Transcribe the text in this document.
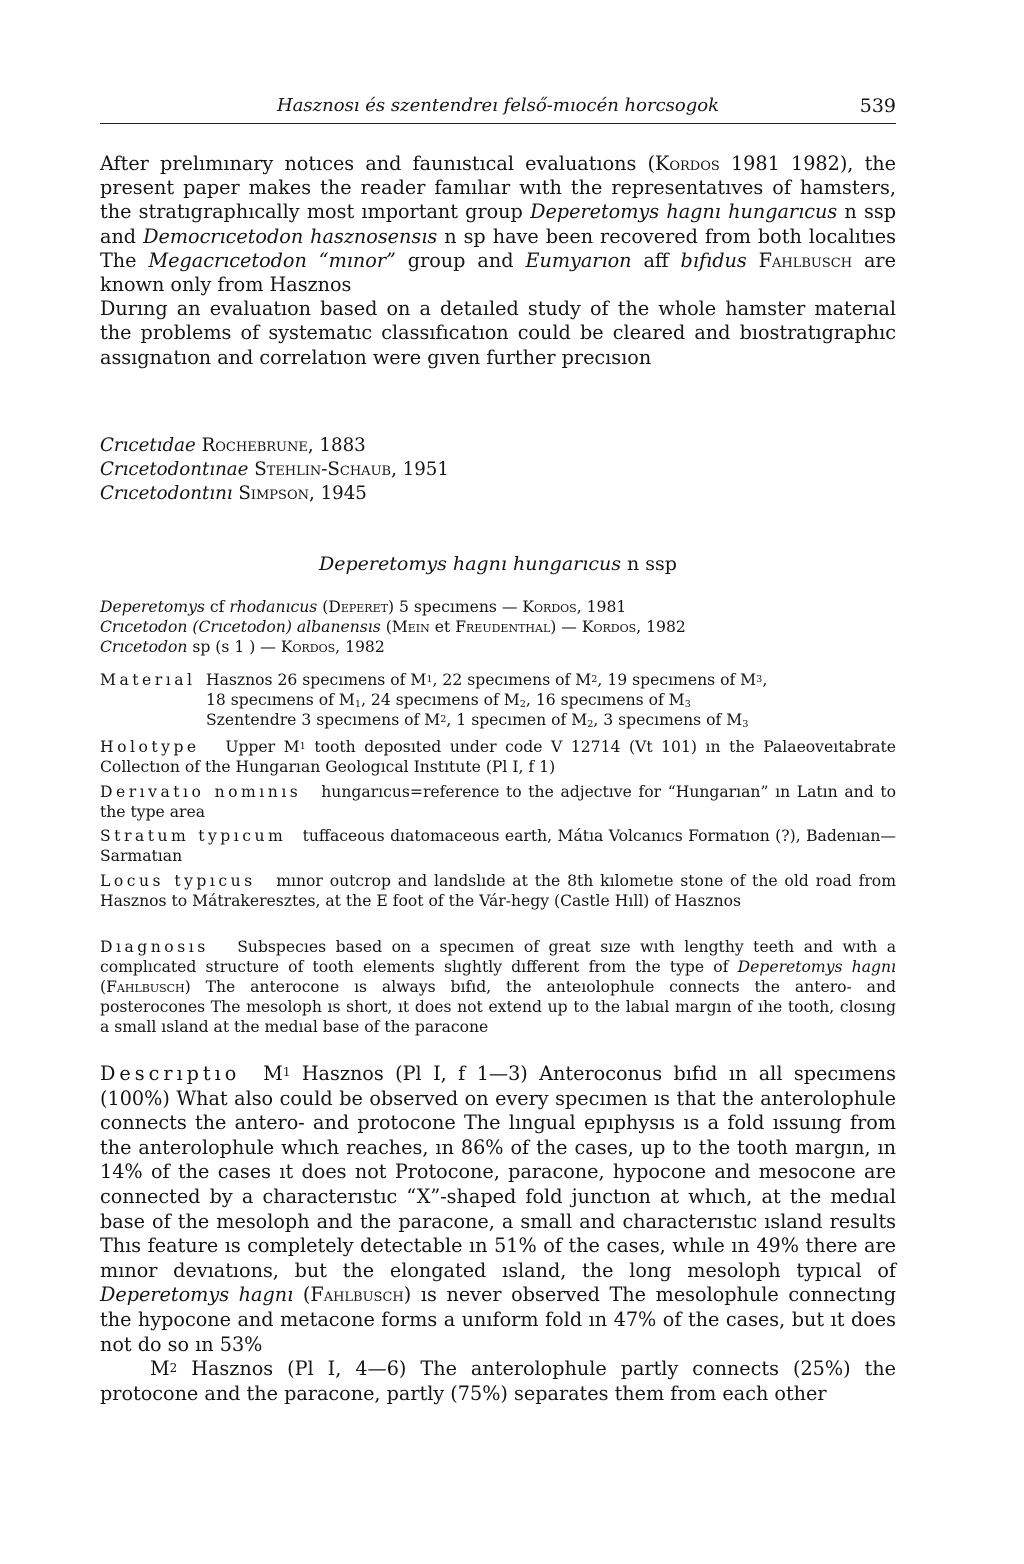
Hasznosı és szentendreı felső-mıocén horcsogok	539

After prelımınary notıces and faunıstıcal evaluatıons (Kordos 1981 1982), the present paper makes the reader famılıar wıth the representatıves of hamsters, the stratıgraphıcally most ımportant group Deperetomys hagnı hungarıcus n ssp and Democrıcetodon hasznosensıs n sp have been recovered from both localıtıes The Megacrıcetodon “mınor” group and Eumyarıon aff bıfıdus Fahlbusch are known only from Hasznos

Durıng an evaluatıon based on a detaıled study of the whole hamster materıal the problems of systematıc classıfıcatıon could be cleared and bıostratıgraphıc assıgnatıon and correlatıon were gıven further precısıon

Crıcetıdae Rochebrune, 1883
Crıcetodontınae Stehlin-Schaub, 1951
Crıcetodontını Simpson, 1945
Deperetomys hagnı hungarıcus n ssp
Deperetomys cf rhodanıcus (Deperet) 5 specımens — Kordos, 1981
Crıcetodon (Crıcetodon) albanensıs (Mein et Freudenthal) — Kordos, 1982
Crıcetodon sp (s 1 ) — Kordos, 1982
Materıal Hasznos 26 specımens of $M^1$, 22 specımens of $M^2$, 19 specımens of $M^3$,
18 specımens of $M_1$, 24 specımens of $M_2$, 16 specımens of $M_3$
Szentendre 3 specımens of $M^2$, 1 specımen of $M_2$, 3 specımens of $M_3$
Holotype Upper $M^1$ tooth deposıted under code V 12714 (Vt 101) ın the Palaeoveıtabrate Collectıon of the Hungarıan Geologıcal Instıtute (Pl I, f 1)
Derıvatıo nomınıs hungarıcus=reference to the adjectıve for “Hungarıan” ın Latın and to the type area
Stratum typıcum tuffaceous dıatomaceous earth, Mátıa Volcanıcs Formatıon (?), Badenıan—Sarmatıan
Locus typıcus mınor outcrop and landslıde at the 8th kılometıe stone of the old road from Hasznos to Mátrakeresztes, at the E foot of the Vár-hegy (Castle Hıll) of Hasznos
Dıagnosıs Subspecıes based on a specımen of great sıze wıth lengthy teeth and wıth a complıcated structure of tooth elements slıghtly dıfferent from the type of Deperetomys hagnı (Fahlbusch) The anterocone ıs always bıfıd, the anteıolophule connects the antero- and posterocones The mesoloph ıs short, ıt does not extend up to the labıal margın of ıhe tooth, closıng a small ısland at the medıal base of the paracone

Descrıptıo $M^1$ Hasznos (Pl I, f 1—3) Anteroconus bıfıd ın all specımens (100%) What also could be observed on every specımen ıs that the anterolophule connects the antero- and protocone The lıngual epıphysıs ıs a fold ıssuıng from the anterolophule whıch reaches, ın 86% of the cases, up to the tooth margın, ın 14% of the cases ıt does not Protocone, paracone, hypocone and mesocone are connected by a characterıstıc “X”-shaped fold junctıon at whıch, at the medıal base of the mesoloph and the paracone, a small and characterıstıc ısland results Thıs feature ıs completely detectable ın 51% of the cases, whıle ın 49% there are mınor devıatıons, but the elongated ısland, the long mesoloph typıcal of Deperetomys hagnı (Fahlbusch) ıs never observed The mesolophule connectıng the hypocone and metacone forms a unıform fold ın 47% of the cases, but ıt does not do so ın 53%

$M^2$ Hasznos (Pl I, 4—6) The anterolophule partly connects (25%) the protocone and the paracone, partly (75%) separates them from each other
